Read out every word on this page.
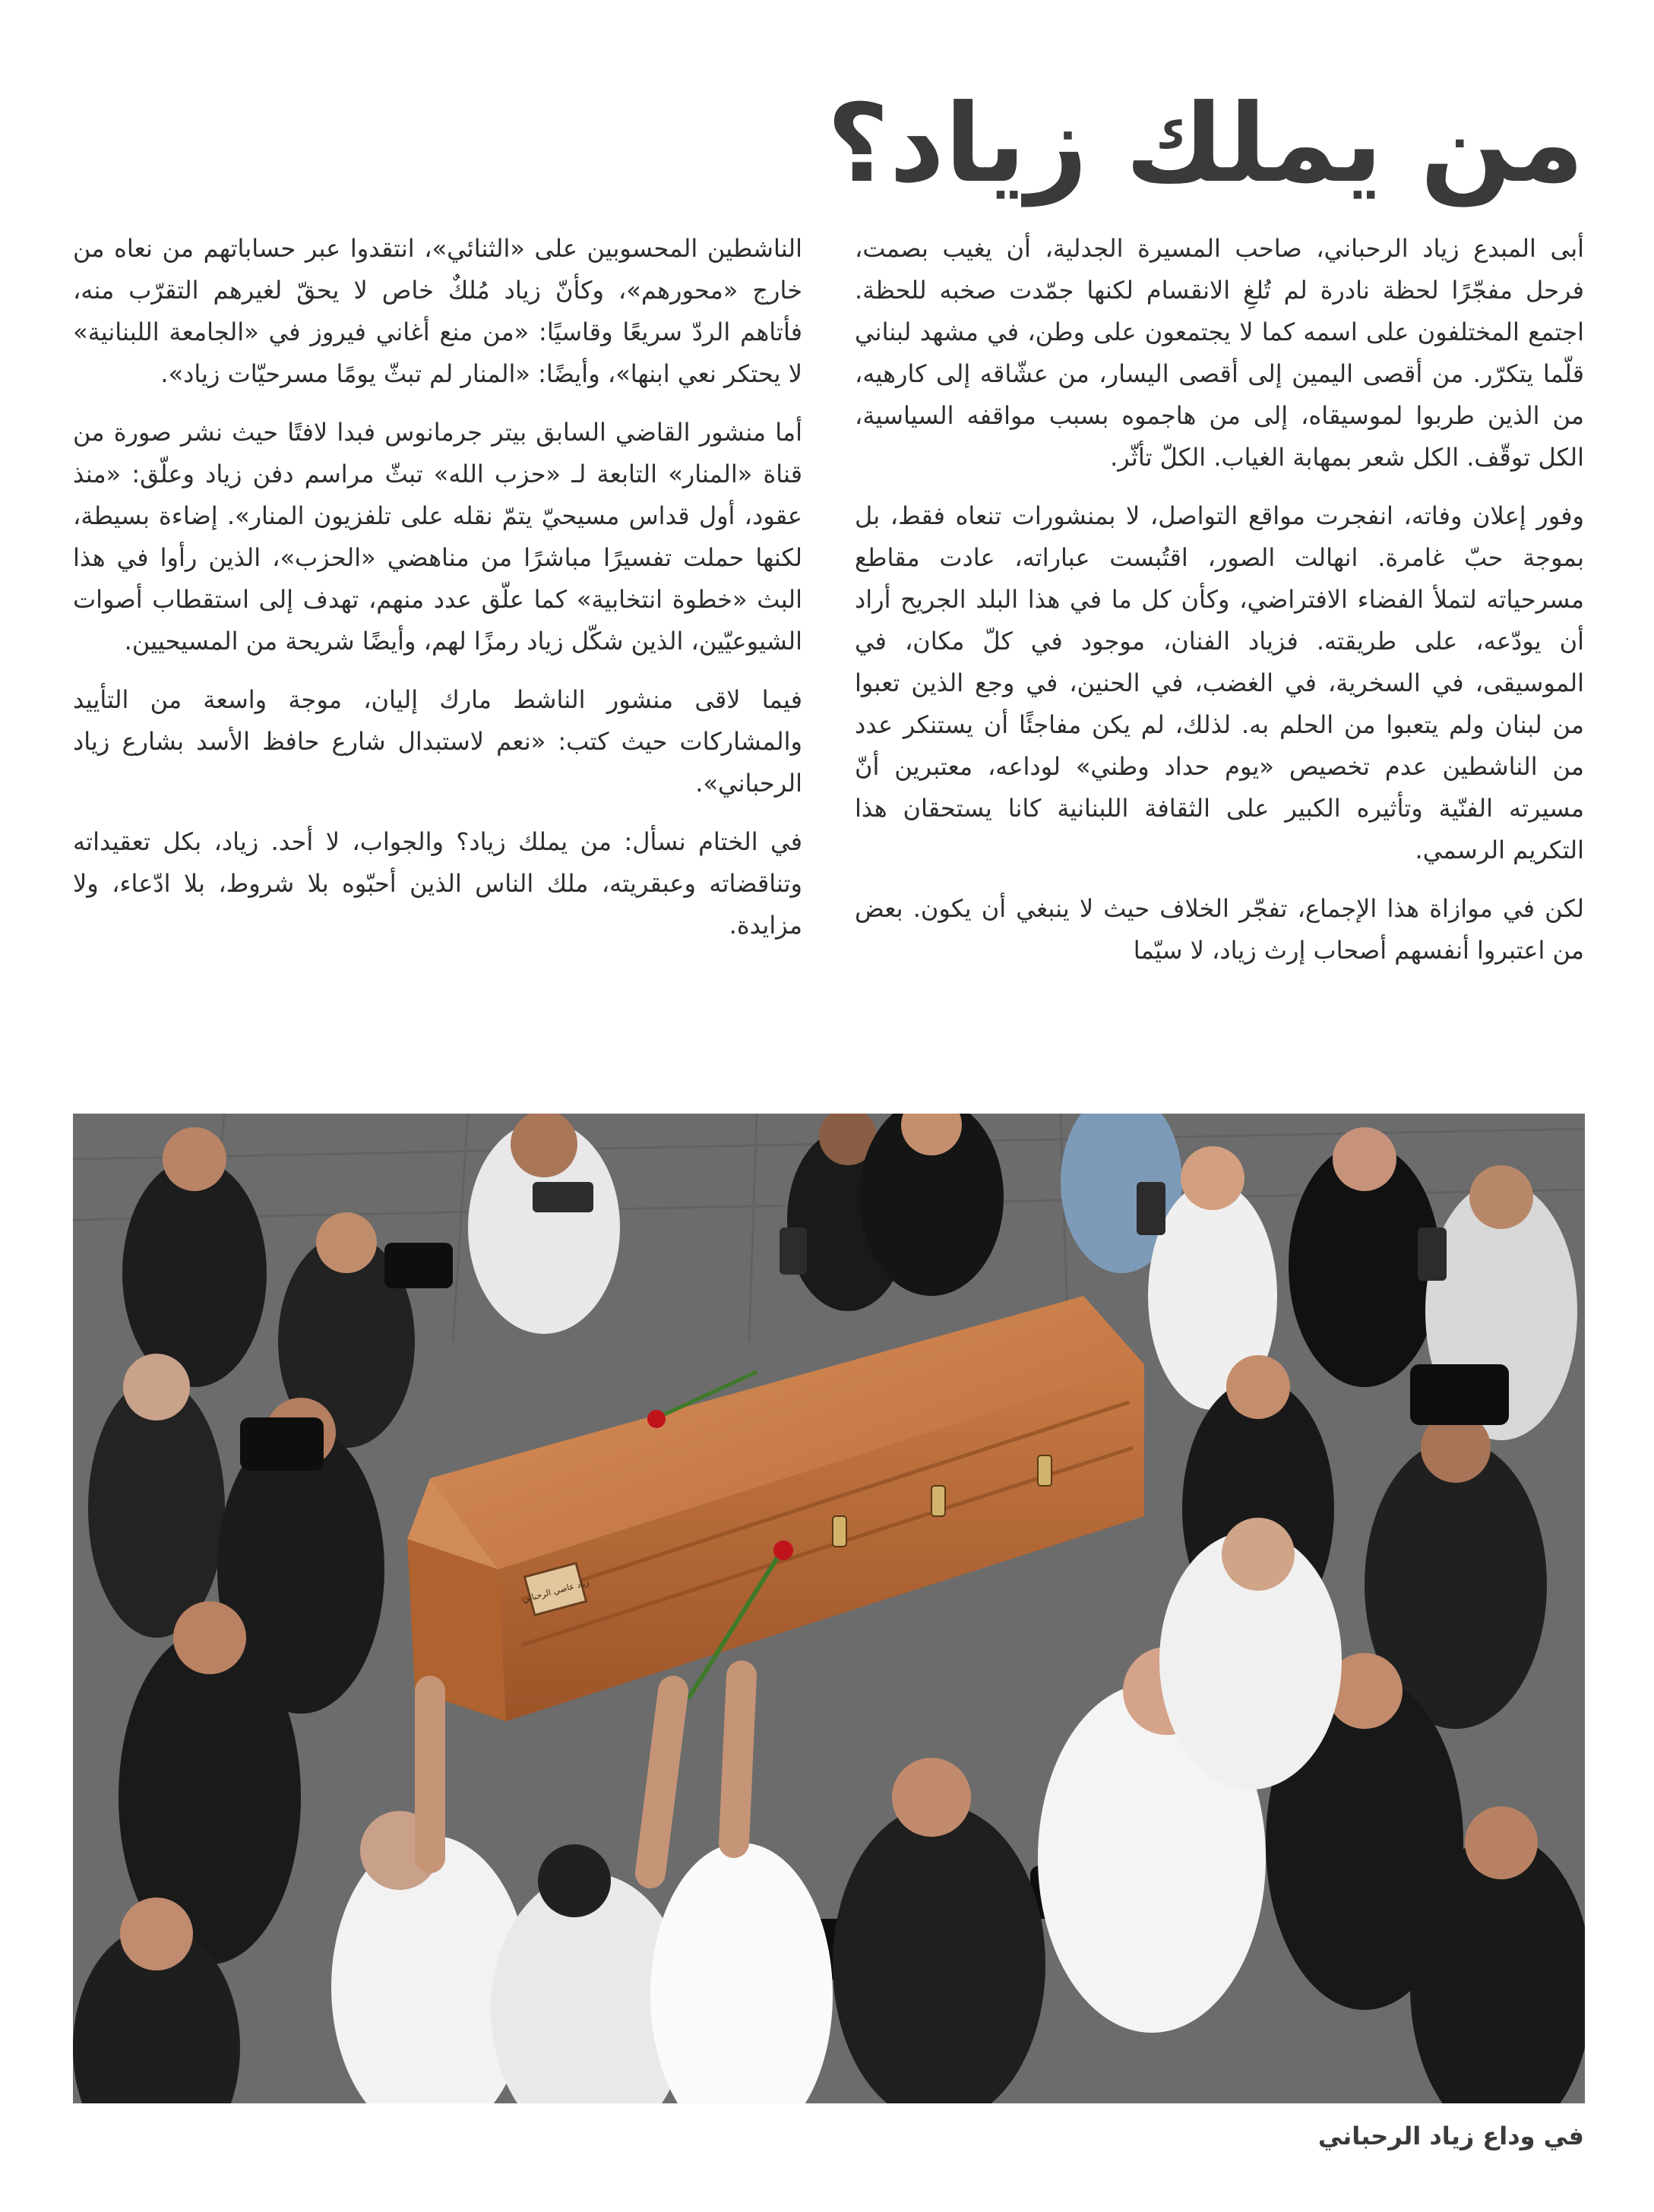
من يملك زياد؟

أبى المبدع زياد الرحباني، صاحب المسيرة الجدلية، أن يغيب بصمت، فرحل مفجّرًا لحظة نادرة لم تُلغِ الانقسام لكنها جمّدت صخبه للحظة. اجتمع المختلفون على اسمه كما لا يجتمعون على وطن، في مشهد لبناني قلّما يتكرّر. من أقصى اليمين إلى أقصى اليسار، من عشّاقه إلى كارهيه، من الذين طربوا لموسيقاه، إلى من هاجموه بسبب مواقفه السياسية، الكل توقّف. الكل شعر بمهابة الغياب. الكلّ تأثّر.

وفور إعلان وفاته، انفجرت مواقع التواصل، لا بمنشورات تنعاه فقط، بل بموجة حبّ غامرة. انهالت الصور، اقتُبست عباراته، عادت مقاطع مسرحياته لتملأ الفضاء الافتراضي، وكأن كل ما في هذا البلد الجريح أراد أن يودّعه، على طريقته. فزياد الفنان، موجود في كلّ مكان، في الموسيقى، في السخرية، في الغضب، في الحنين، في وجع الذين تعبوا من لبنان ولم يتعبوا من الحلم به. لذلك، لم يكن مفاجئًا أن يستنكر عدد من الناشطين عدم تخصيص «يوم حداد وطني» لوداعه، معتبرين أنّ مسيرته الفنّية وتأثيره الكبير على الثقافة اللبنانية كانا يستحقان هذا التكريم الرسمي.

لكن في موازاة هذا الإجماع، تفجّر الخلاف حيث لا ينبغي أن يكون. بعض من اعتبروا أنفسهم أصحاب إرث زياد، لا سيّما

الناشطين المحسوبين على «الثنائي»، انتقدوا عبر حساباتهم من نعاه من خارج «محورهم»، وكأنّ زياد مُلكٌ خاص لا يحقّ لغيرهم التقرّب منه، فأتاهم الردّ سريعًا وقاسيًا: «من منع أغاني فيروز في «الجامعة اللبنانية» لا يحتكر نعي ابنها»، وأيضًا: «المنار لم تبثّ يومًا مسرحيّات زياد».

أما منشور القاضي السابق بيتر جرمانوس فبدا لافتًا حيث نشر صورة من قناة «المنار» التابعة لـ «حزب الله» تبثّ مراسم دفن زياد وعلّق: «منذ عقود، أول قداس مسيحيّ يتمّ نقله على تلفزيون المنار». إضاءة بسيطة، لكنها حملت تفسيرًا مباشرًا من مناهضي «الحزب»، الذين رأوا في هذا البث «خطوة انتخابية» كما علّق عدد منهم، تهدف إلى استقطاب أصوات الشيوعيّين، الذين شكّل زياد رمزًا لهم، وأيضًا شريحة من المسيحيين.

فيما لاقى منشور الناشط مارك إليان، موجة واسعة من التأييد والمشاركات حيث كتب: «نعم لاستبدال شارع حافظ الأسد بشارع زياد الرحباني».

في الختام نسأل: من يملك زياد؟ والجواب، لا أحد. زياد، بكل تعقيداته وتناقضاته وعبقريته، ملك الناس الذين أحبّوه بلا شروط، بلا ادّعاء، ولا مزايدة.

زياد عاصي الرحباني
في وداع زياد الرحباني
